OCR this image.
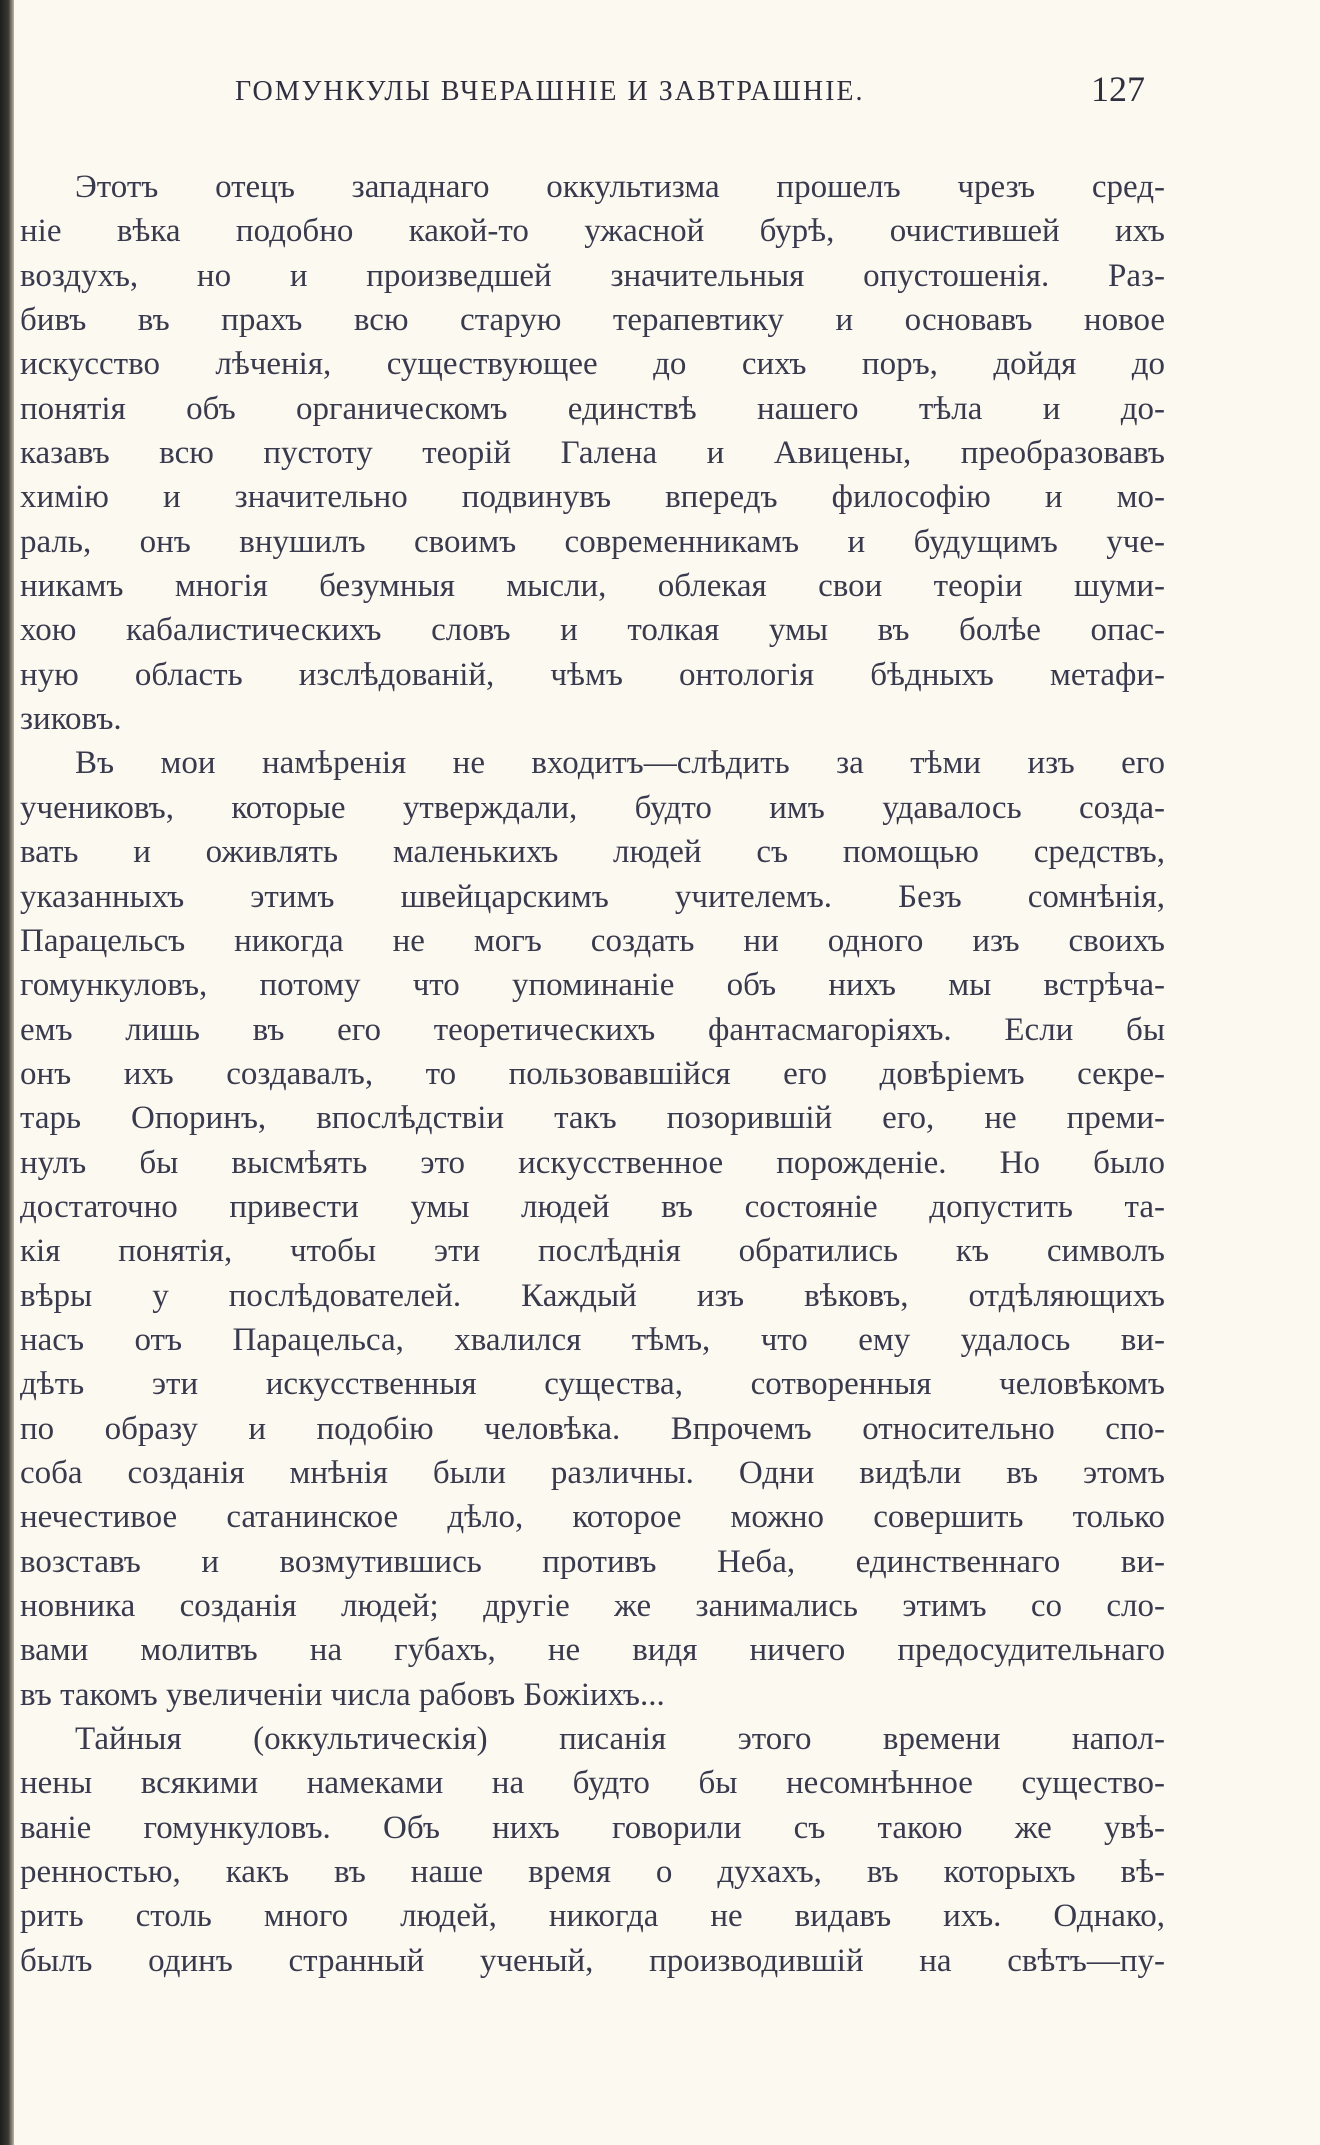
ГОМУНКУЛЫ ВЧЕРАШНІЕ И ЗАВТРАШНІЕ.	127
Этотъ отецъ западнаго оккультизма прошелъ чрезъ сред-
ніе вѣка подобно какой-то ужасной бурѣ, очистившей ихъ
воздухъ, но и произведшей значительныя опустошенія. Раз-
бивъ въ прахъ всю старую терапевтику и основавъ новое
искусство лѣченія, существующее до сихъ поръ, дойдя до
понятія объ органическомъ единствѣ нашего тѣла и до-
казавъ всю пустоту теорій Галена и Авицены, преобразовавъ
химію и значительно подвинувъ впередъ философію и мо-
раль, онъ внушилъ своимъ современникамъ и будущимъ уче-
никамъ многія безумныя мысли, облекая свои теоріи шуми-
хою кабалистическихъ словъ и толкая умы въ болѣе опас-
ную область изслѣдованій, чѣмъ онтологія бѣдныхъ метафи-
зиковъ.
Въ мои намѣренія не входитъ—слѣдить за тѣми изъ его
учениковъ, которые утверждали, будто имъ удавалось созда-
вать и оживлять маленькихъ людей съ помощью средствъ,
указанныхъ этимъ швейцарскимъ учителемъ. Безъ сомнѣнія,
Парацельсъ никогда не могъ создать ни одного изъ своихъ
гомункуловъ, потому что упоминаніе объ нихъ мы встрѣча-
емъ лишь въ его теоретическихъ фантасмагоріяхъ. Если бы
онъ ихъ создавалъ, то пользовавшійся его довѣріемъ секре-
тарь Опоринъ, впослѣдствіи такъ позорившій его, не преми-
нулъ бы высмѣять это искусственное порожденіе. Но было
достаточно привести умы людей въ состояніе допустить та-
кія понятія, чтобы эти послѣднія обратились къ символъ
вѣры у послѣдователей. Каждый изъ вѣковъ, отдѣляющихъ
насъ отъ Парацельса, хвалился тѣмъ, что ему удалось ви-
дѣть эти искусственныя существа, сотворенныя человѣкомъ
по образу и подобію человѣка. Впрочемъ относительно спо-
соба созданія мнѣнія были различны. Одни видѣли въ этомъ
нечестивое сатанинское дѣло, которое можно совершить только
возставъ и возмутившись противъ Неба, единственнаго ви-
новника созданія людей; другіе же занимались этимъ со сло-
вами молитвъ на губахъ, не видя ничего предосудительнаго
въ такомъ увеличеніи числа рабовъ Божіихъ...
Тайныя (оккультическія) писанія этого времени напол-
нены всякими намеками на будто бы несомнѣнное существо-
ваніе гомункуловъ. Объ нихъ говорили съ такою же увѣ-
ренностью, какъ въ наше время о духахъ, въ которыхъ вѣ-
рить столь много людей, никогда не видавъ ихъ. Однако,
былъ одинъ странный ученый, производившій на свѣтъ—пу-
